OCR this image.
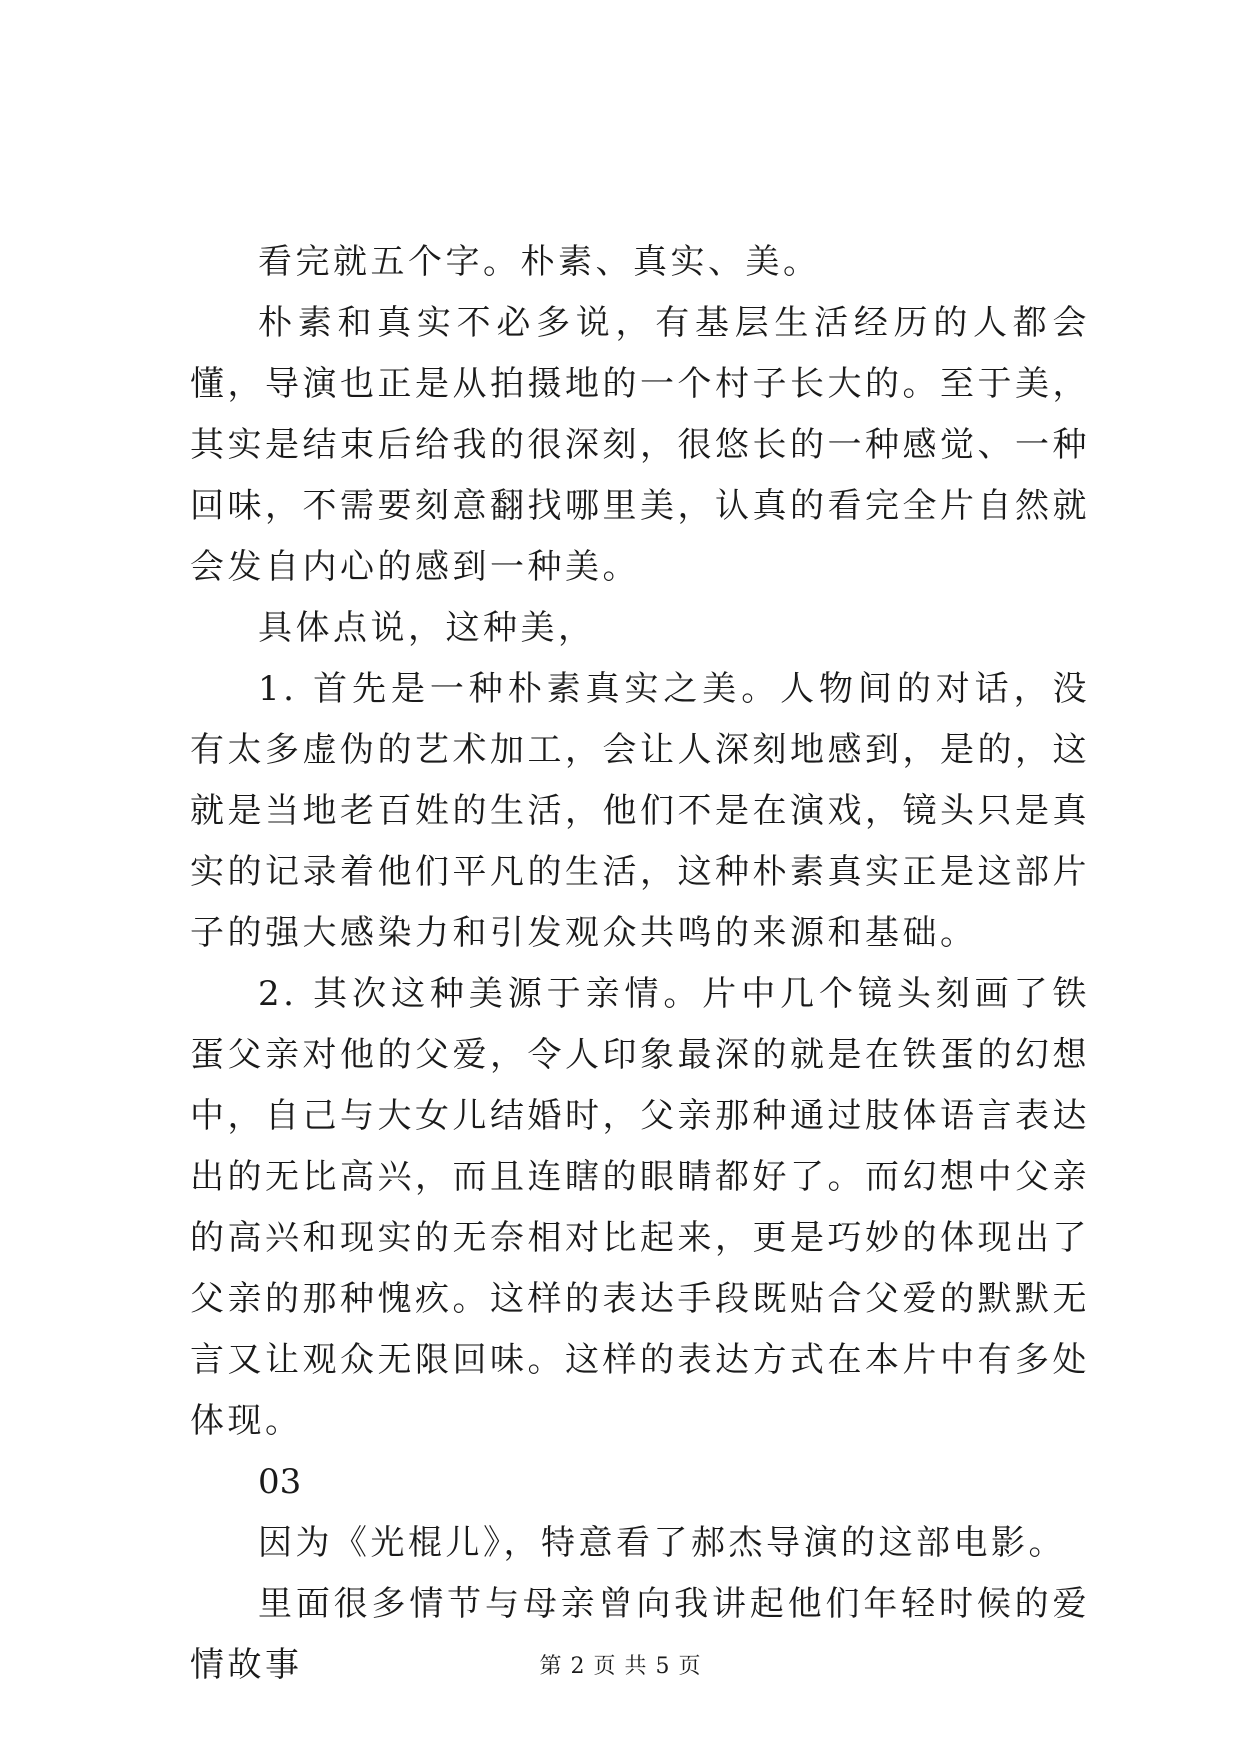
看完就五个字。朴素、真实、美。

朴素和真实不必多说，有基层生活经历的人都会懂，导演也正是从拍摄地的一个村子长大的。至于美，其实是结束后给我的很深刻，很悠长的一种感觉、一种回味，不需要刻意翻找哪里美，认真的看完全片自然就会发自内心的感到一种美。

具体点说，这种美，

1. 首先是一种朴素真实之美。人物间的对话，没有太多虚伪的艺术加工，会让人深刻地感到，是的，这就是当地老百姓的生活，他们不是在演戏，镜头只是真实的记录着他们平凡的生活，这种朴素真实正是这部片子的强大感染力和引发观众共鸣的来源和基础。

2. 其次这种美源于亲情。片中几个镜头刻画了铁蛋父亲对他的父爱，令人印象最深的就是在铁蛋的幻想中，自己与大女儿结婚时，父亲那种通过肢体语言表达出的无比高兴，而且连瞎的眼睛都好了。而幻想中父亲的高兴和现实的无奈相对比起来，更是巧妙的体现出了父亲的那种愧疚。这样的表达手段既贴合父爱的默默无言又让观众无限回味。这样的表达方式在本片中有多处体现。

03

因为《光棍儿》，特意看了郝杰导演的这部电影。

里面很多情节与母亲曾向我讲起他们年轻时候的爱情故事	第 2 页 共 5 页
